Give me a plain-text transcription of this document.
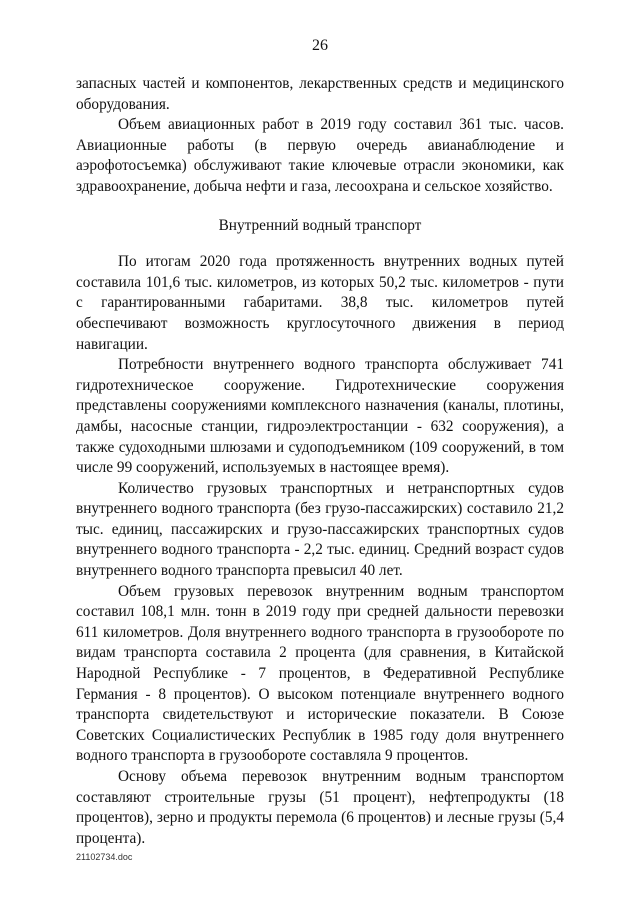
26

запасных частей и компонентов, лекарственных средств и медицинского оборудования.

Объем авиационных работ в 2019 году составил 361 тыс. часов. Авиационные работы (в первую очередь авианаблюдение и аэрофотосъемка) обслуживают такие ключевые отрасли экономики, как здравоохранение, добыча нефти и газа, лесоохрана и сельское хозяйство.

Внутренний водный транспорт

По итогам 2020 года протяженность внутренних водных путей составила 101,6 тыс. километров, из которых 50,2 тыс. километров - пути с гарантированными габаритами. 38,8 тыс. километров путей обеспечивают возможность круглосуточного движения в период навигации.

Потребности внутреннего водного транспорта обслуживает 741 гидротехническое сооружение. Гидротехнические сооружения представлены сооружениями комплексного назначения (каналы, плотины, дамбы, насосные станции, гидроэлектростанции - 632 сооружения), а также судоходными шлюзами и судоподъемником (109 сооружений, в том числе 99 сооружений, используемых в настоящее время).

Количество грузовых транспортных и нетранспортных судов внутреннего водного транспорта (без грузо-пассажирских) составило 21,2 тыс. единиц, пассажирских и грузо-пассажирских транспортных судов внутреннего водного транспорта - 2,2 тыс. единиц. Средний возраст судов внутреннего водного транспорта превысил 40 лет.

Объем грузовых перевозок внутренним водным транспортом составил 108,1 млн. тонн в 2019 году при средней дальности перевозки 611 километров. Доля внутреннего водного транспорта в грузообороте по видам транспорта составила 2 процента (для сравнения, в Китайской Народной Республике - 7 процентов, в Федеративной Республике Германия - 8 процентов). О высоком потенциале внутреннего водного транспорта свидетельствуют и исторические показатели. В Союзе Советских Социалистических Республик в 1985 году доля внутреннего водного транспорта в грузообороте составляла 9 процентов.

Основу объема перевозок внутренним водным транспортом составляют строительные грузы (51 процент), нефтепродукты (18 процентов), зерно и продукты перемола (6 процентов) и лесные грузы (5,4 процента).

21102734.doc
